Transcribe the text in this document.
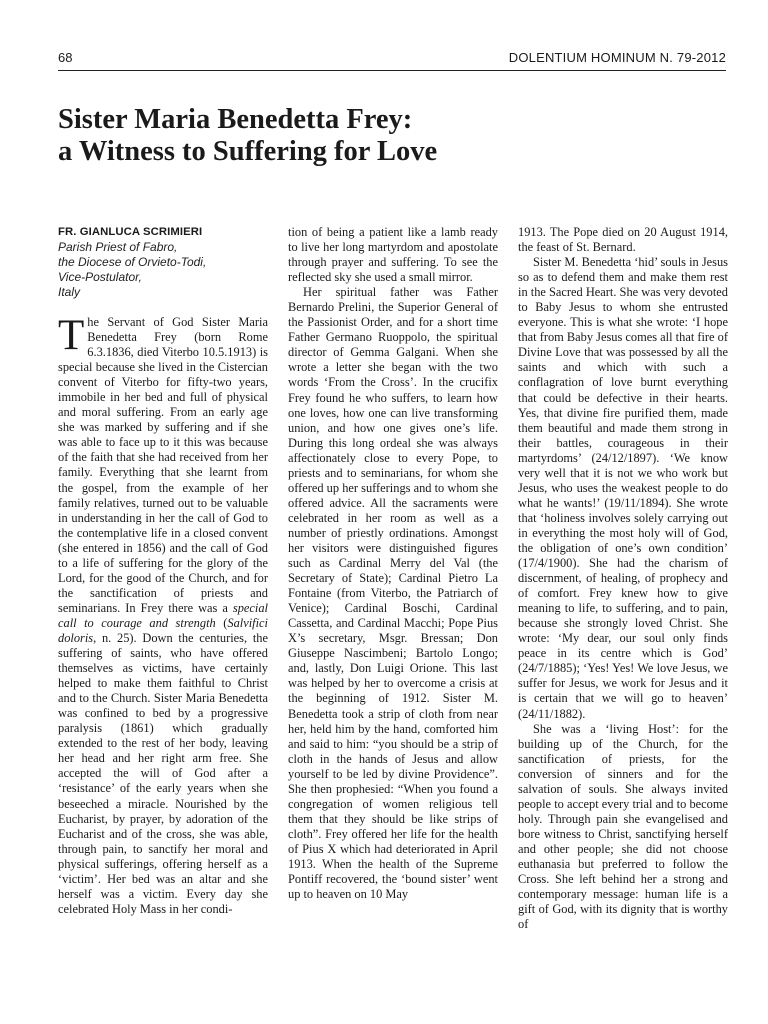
68	DOLENTIUM HOMINUM N. 79-2012
Sister Maria Benedetta Frey:
a Witness to Suffering for Love

FR. GIANLUCA SCRIMIERI

Parish Priest of Fabro,
the Diocese of Orvieto-Todi,
Vice-Postulator,
Italy

The Servant of God Sister Maria Benedetta Frey (born Rome 6.3.1836, died Viterbo 10.5.1913) is special because she lived in the Cistercian convent of Viterbo for fifty-two years, immobile in her bed and full of physical and moral suffering. From an early age she was marked by suffering and if she was able to face up to it this was because of the faith that she had received from her family. Everything that she learnt from the gospel, from the example of her family relatives, turned out to be valuable in understanding in her the call of God to the contemplative life in a closed convent (she entered in 1856) and the call of God to a life of suffering for the glory of the Lord, for the good of the Church, and for the sanctification of priests and seminarians. In Frey there was a special call to courage and strength (Salvifici doloris, n. 25). Down the centuries, the suffering of saints, who have offered themselves as victims, have certainly helped to make them faithful to Christ and to the Church. Sister Maria Benedetta was confined to bed by a progressive paralysis (1861) which gradually extended to the rest of her body, leaving her head and her right arm free. She accepted the will of God after a ‘resistance’ of the early years when she beseeched a miracle. Nourished by the Eucharist, by prayer, by adoration of the Eucharist and of the cross, she was able, through pain, to sanctify her moral and physical sufferings, offering herself as a ‘victim’. Her bed was an altar and she herself was a victim. Every day she celebrated Holy Mass in her condi-

tion of being a patient like a lamb ready to live her long martyrdom and apostolate through prayer and suffering. To see the reflected sky she used a small mirror.

Her spiritual father was Father Bernardo Prelini, the Superior General of the Passionist Order, and for a short time Father Germano Ruoppolo, the spiritual director of Gemma Galgani. When she wrote a letter she began with the two words ‘From the Cross’. In the crucifix Frey found he who suffers, to learn how one loves, how one can live transforming union, and how one gives one’s life. During this long ordeal she was always affectionately close to every Pope, to priests and to seminarians, for whom she offered up her sufferings and to whom she offered advice. All the sacraments were celebrated in her room as well as a number of priestly ordinations. Amongst her visitors were distinguished figures such as Cardinal Merry del Val (the Secretary of State); Cardinal Pietro La Fontaine (from Viterbo, the Patriarch of Venice); Cardinal Boschi, Cardinal Cassetta, and Cardinal Macchi; Pope Pius X’s secretary, Msgr. Bressan; Don Giuseppe Nascimbeni; Bartolo Longo; and, lastly, Don Luigi Orione. This last was helped by her to overcome a crisis at the beginning of 1912. Sister M. Benedetta took a strip of cloth from near her, held him by the hand, comforted him and said to him: “you should be a strip of cloth in the hands of Jesus and allow yourself to be led by divine Providence”. She then prophesied: “When you found a congregation of women religious tell them that they should be like strips of cloth”. Frey offered her life for the health of Pius X which had deteriorated in April 1913. When the health of the Supreme Pontiff recovered, the ‘bound sister’ went up to heaven on 10 May

1913. The Pope died on 20 August 1914, the feast of St. Bernard.

Sister M. Benedetta ‘hid’ souls in Jesus so as to defend them and make them rest in the Sacred Heart. She was very devoted to Baby Jesus to whom she entrusted everyone. This is what she wrote: ‘I hope that from Baby Jesus comes all that fire of Divine Love that was possessed by all the saints and which with such a conflagration of love burnt everything that could be defective in their hearts. Yes, that divine fire purified them, made them beautiful and made them strong in their battles, courageous in their martyrdoms’ (24/12/1897). ‘We know very well that it is not we who work but Jesus, who uses the weakest people to do what he wants!’ (19/11/1894). She wrote that ‘holiness involves solely carrying out in everything the most holy will of God, the obligation of one’s own condition’ (17/4/1900). She had the charism of discernment, of healing, of prophecy and of comfort. Frey knew how to give meaning to life, to suffering, and to pain, because she strongly loved Christ. She wrote: ‘My dear, our soul only finds peace in its centre which is God’ (24/7/1885); ‘Yes! Yes! We love Jesus, we suffer for Jesus, we work for Jesus and it is certain that we will go to heaven’ (24/11/1882).

She was a ‘living Host’: for the building up of the Church, for the sanctification of priests, for the conversion of sinners and for the salvation of souls. She always invited people to accept every trial and to become holy. Through pain she evangelised and bore witness to Christ, sanctifying herself and other people; she did not choose euthanasia but preferred to follow the Cross. She left behind her a strong and contemporary message: human life is a gift of God, with its dignity that is worthy of
